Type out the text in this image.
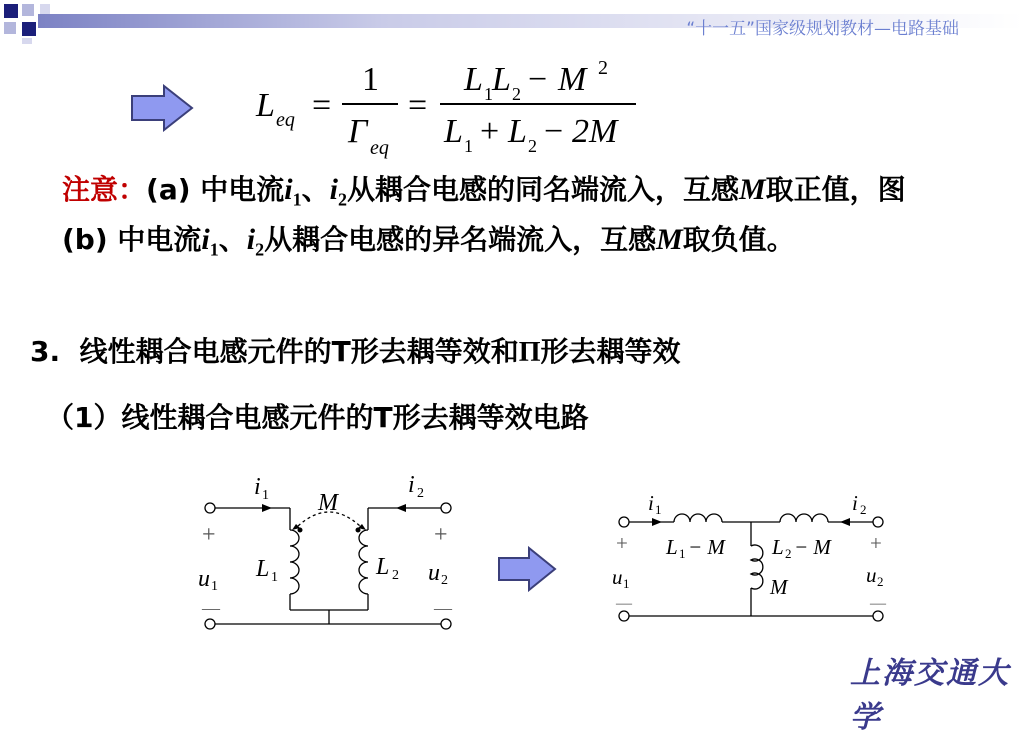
“十一五”国家级规划教材—电路基础
L eq =
1
Γ eq
=
L 1 L 2 − M 2
L 1 + L 2 − 2M
注意：(a) 中电流$i_1$、$i_2$从耦合电感的同名端流入，互感M取正值，图(b) 中电流$i_1$、$i_2$从耦合电感的异名端流入，互感M取负值。
3. 线性耦合电感元件的T形去耦等效和Π形去耦等效
（1）线性耦合电感元件的T形去耦等效电路
i 1	i 2
M
L 1	L 2
u 1
u 2
+	+
—	—
i 1	i 2
L 1 − M L 2 − M
M
u 1	u 2
+	+
—	—
上海交通大学
